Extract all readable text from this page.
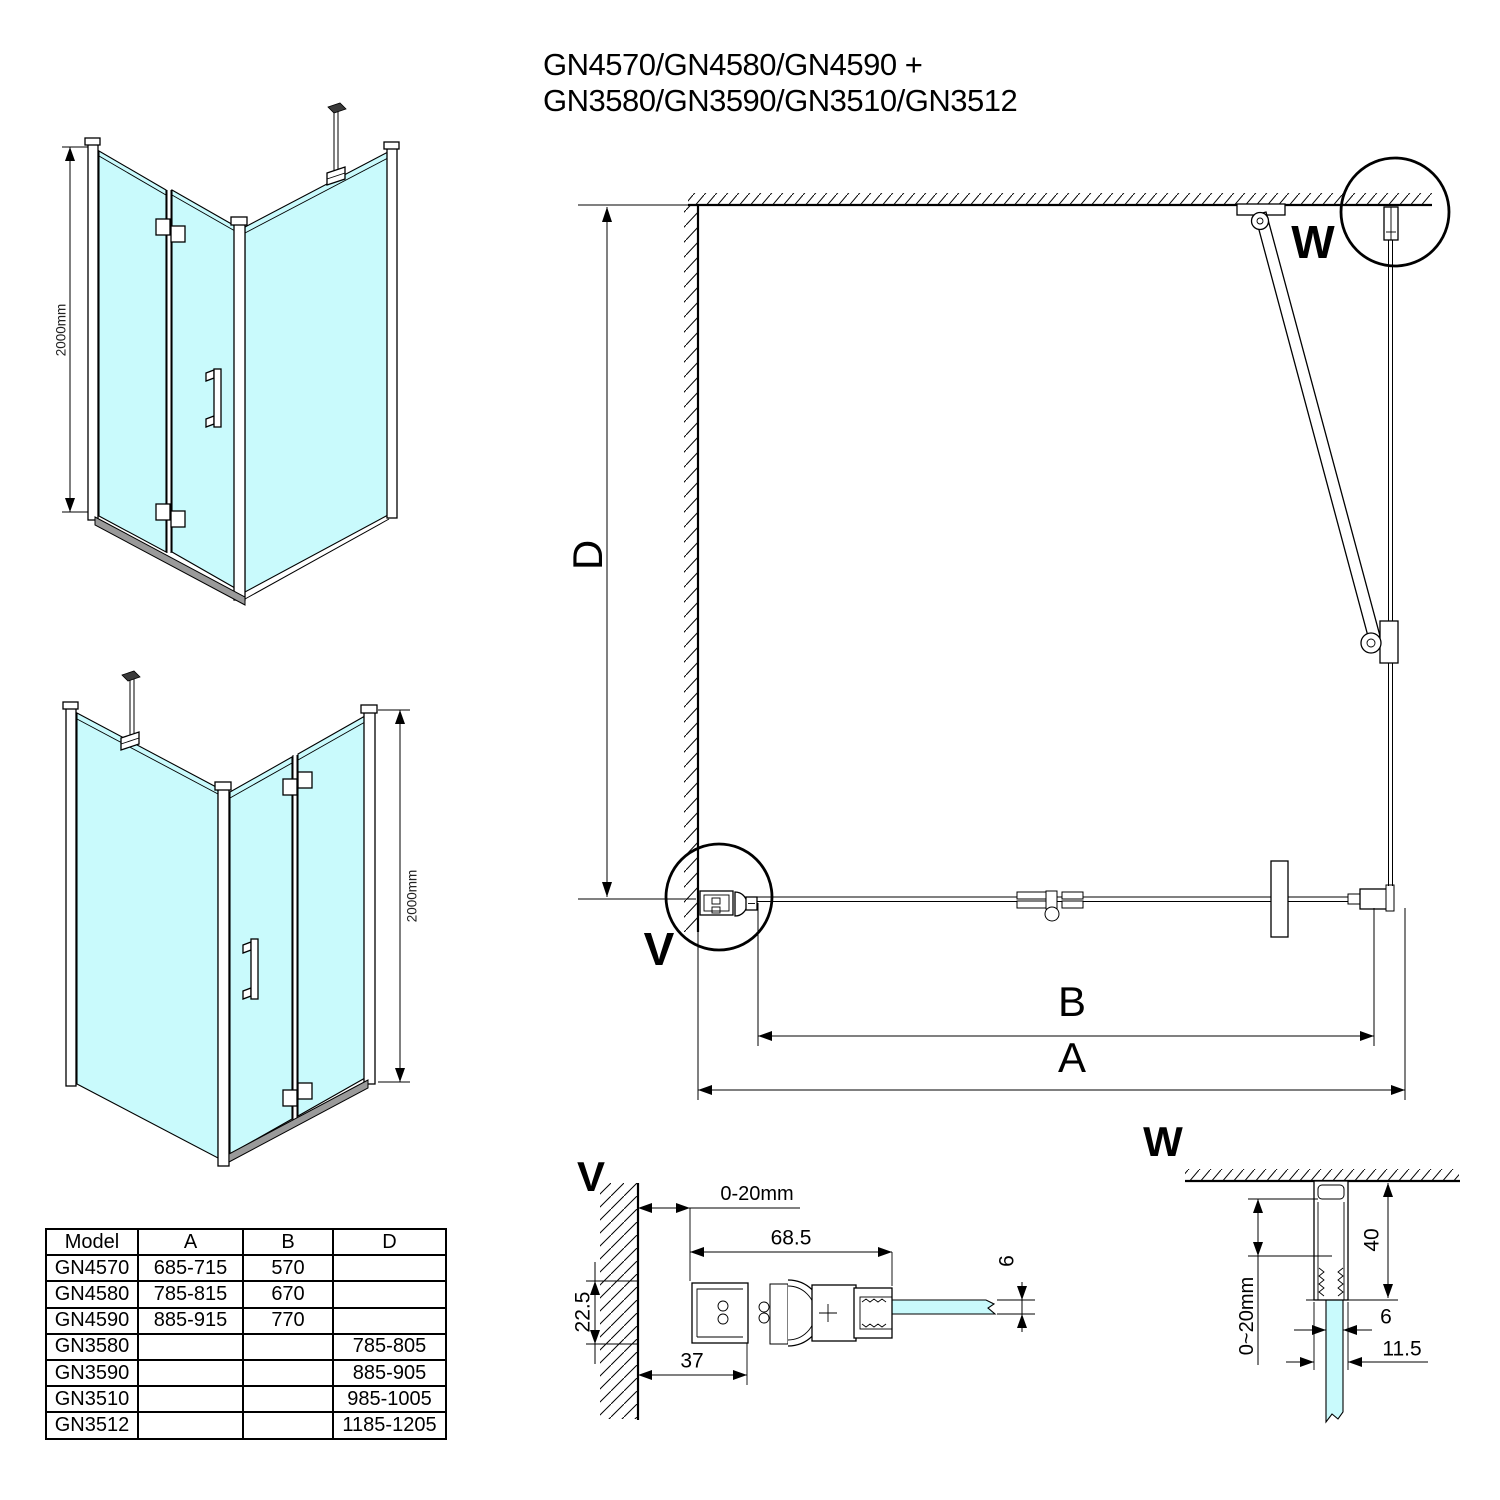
GN4570/GN4580/GN4590 + GN3580/GN3590/GN3510/GN3512
2000mm
2000mm
D
B
A
V
W
V	0-20mm
68.5
22.5
37
6
W
40
0~20mm	6
11.5
Model	A	B	D
GN4570	685-715	570	
GN4580	785-815	670	
GN4590	885-915	770	
GN3580			785-805
GN3590			885-905
GN3510			985-1005
GN3512			1185-1205
